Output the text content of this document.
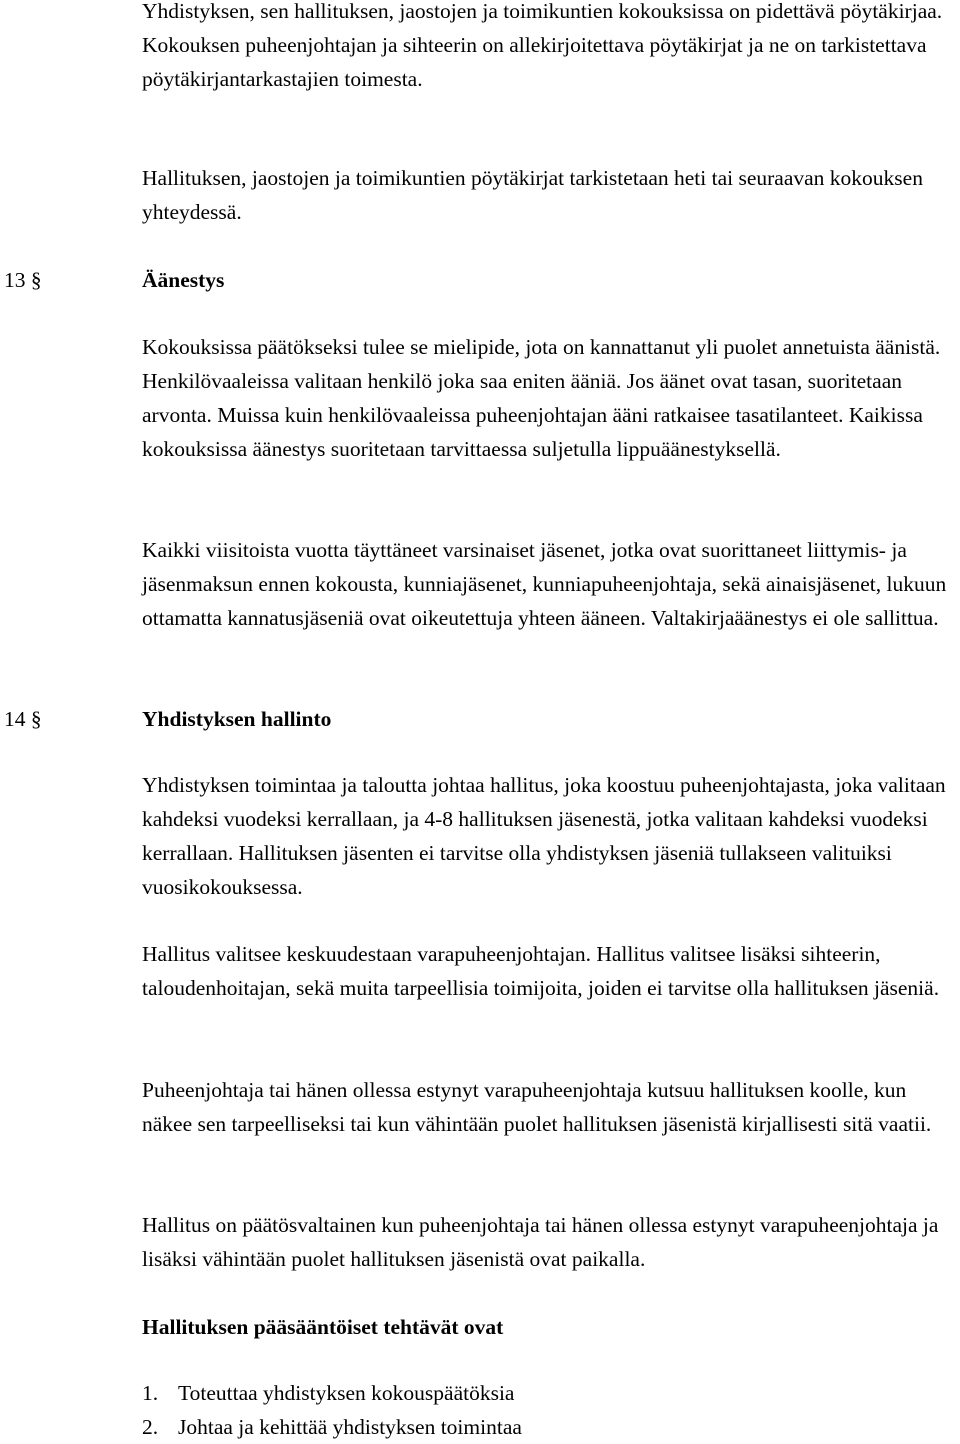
Yhdistyksen, sen hallituksen, jaostojen ja toimikuntien kokouksissa on pidettävä pöytäkirjaa. Kokouksen puheenjohtajan ja sihteerin on allekirjoitettava pöytäkirjat ja ne on tarkistettava pöytäkirjantarkastajien toimesta.

Hallituksen, jaostojen ja toimikuntien pöytäkirjat tarkistetaan heti tai seuraavan kokouksen yhteydessä.

13 §	Äänestys

Kokouksissa päätökseksi tulee se mielipide, jota on kannattanut yli puolet annetuista äänistä. Henkilövaaleissa valitaan henkilö joka saa eniten ääniä. Jos äänet ovat tasan, suoritetaan arvonta. Muissa kuin henkilövaaleissa puheenjohtajan ääni ratkaisee tasatilanteet. Kaikissa kokouksissa äänestys suoritetaan tarvittaessa suljetulla lippuäänestyksellä.

Kaikki viisitoista vuotta täyttäneet varsinaiset jäsenet, jotka ovat suorittaneet liittymis- ja jäsenmaksun ennen kokousta, kunniajäsenet, kunniapuheenjohtaja, sekä ainaisjäsenet, lukuun ottamatta kannatusjäseniä ovat oikeutettuja yhteen ääneen. Valtakirjaäänestys ei ole sallittua.

14 §	Yhdistyksen hallinto

Yhdistyksen toimintaa ja taloutta johtaa hallitus, joka koostuu puheenjohtajasta, joka valitaan kahdeksi vuodeksi kerrallaan, ja 4-8 hallituksen jäsenestä, jotka valitaan kahdeksi vuodeksi kerrallaan. Hallituksen jäsenten ei tarvitse olla yhdistyksen jäseniä tullakseen valituiksi vuosikokouksessa.

Hallitus valitsee keskuudestaan varapuheenjohtajan. Hallitus valitsee lisäksi sihteerin, taloudenhoitajan, sekä muita tarpeellisia toimijoita, joiden ei tarvitse olla hallituksen jäseniä.

Puheenjohtaja tai hänen ollessa estynyt varapuheenjohtaja kutsuu hallituksen koolle, kun näkee sen tarpeelliseksi tai kun vähintään puolet hallituksen jäsenistä kirjallisesti sitä vaatii.

Hallitus on päätösvaltainen kun puheenjohtaja tai hänen ollessa estynyt varapuheenjohtaja ja lisäksi vähintään puolet hallituksen jäsenistä ovat paikalla.

Hallituksen pääsääntöiset tehtävät ovat
1. Toteuttaa yhdistyksen kokouspäätöksia
2. Johtaa ja kehittää yhdistyksen toimintaa
